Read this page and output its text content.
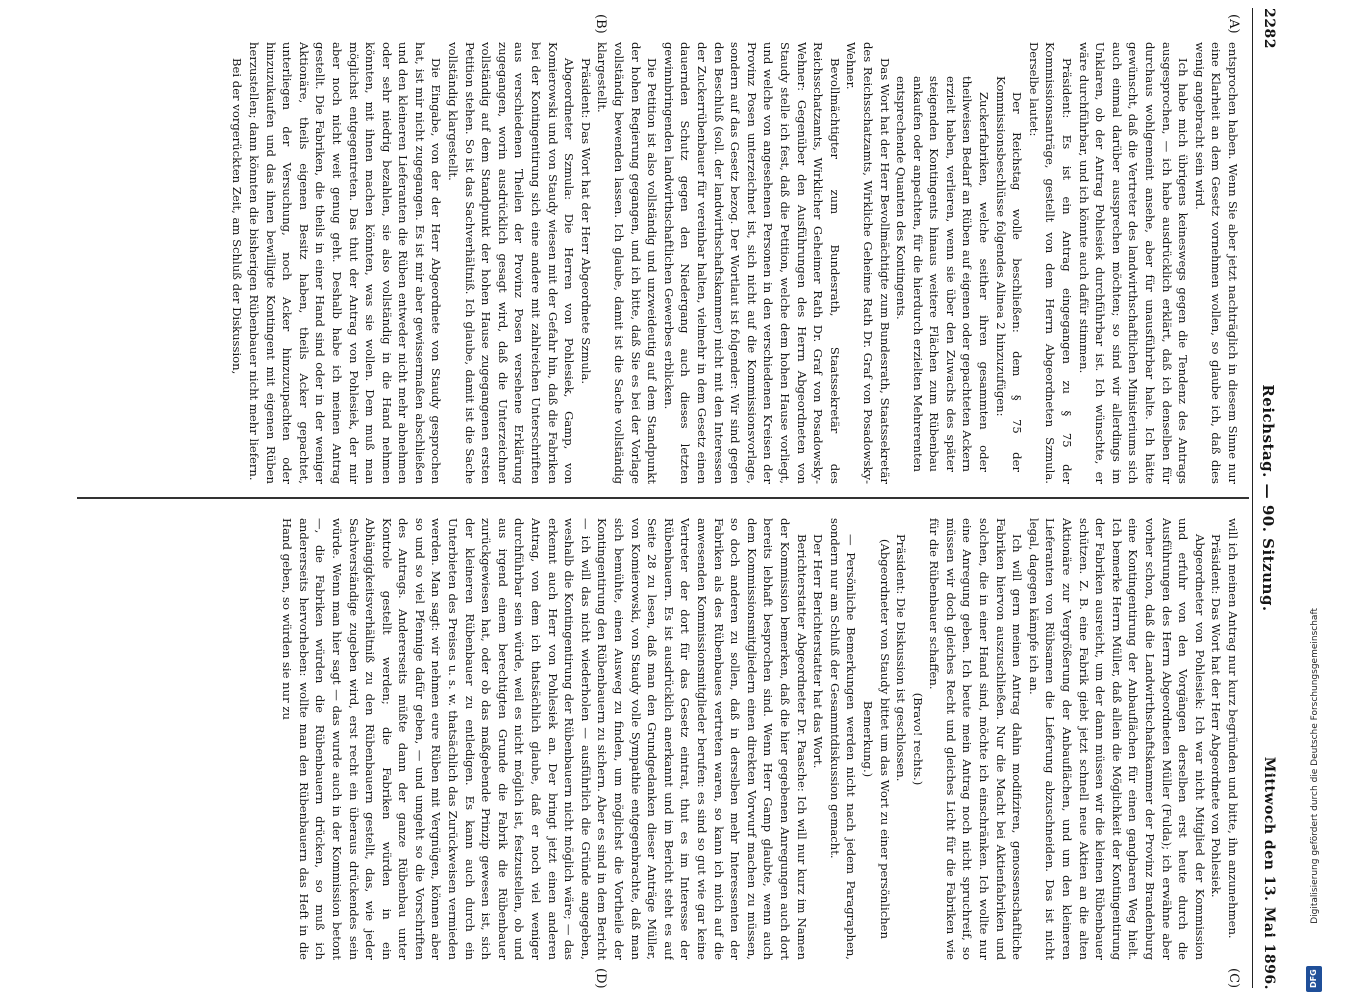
2282
Reichstag. — 90. Sitzung.
Mittwoch den 13. Mai 1896.
(A)
(B)
(C)
(D)

entsprochen haben. Wenn Sie aber jetzt nachträglich in diesem Sinne nur eine Klarheit an dem Gesetz vornehmen wollen, so glaube ich, daß dies wenig angebracht sein wird.

Ich habe mich übrigens keineswegs gegen die Tendenz des Antrags ausgesprochen, — ich habe ausdrücklich erklärt, daß ich denselben für durchaus wohlgemeint ansehe, aber für unausführbar halte. Ich hätte gewünscht, daß die Vertreter des landwirthschaftlichen Ministeriums sich auch einmal darüber aussprechen möchten; so sind wir allerdings im Unklaren, ob der Antrag Pohlesiek durchführbar ist. Ich wünschte, er wäre durchführbar, und ich könnte auch dafür stimmen.

Präsident: Es ist ein Antrag eingegangen zu § 75 der Kommissionsanträge, gestellt von dem Herrn Abgeordneten Szmula. Derselbe lautet:

Der Reichstag wolle beschließen: dem § 75 der Kommissionsbeschlüsse folgendes Alinea 2 hinzuzufügen:

Zuckerfabriken, welche seither ihren gesammten oder theilweisen Bedarf an Rüben auf eigenen oder gepachteten Ackern erzielt haben, verlieren, wenn sie über den Zuwachs des später steigenden Kontingents hinaus weitere Flächen zum Rübenbau ankaufen oder anpachten, für die hierdurch erzielten Mehrerenten entsprechende Quanten des Kontingents.

Das Wort hat der Herr Bevollmächtigte zum Bundesrath, Staatssekretär des Reichsschatzamts, Wirkliche Geheime Rath Dr. Graf von Posadowsky-Wehner.

Bevollmächtigter zum Bundesrath, Staatssekretär des Reichsschatzamts, Wirklicher Geheimer Rath Dr. Graf von Posadowsky-Wehner: Gegenüber den Ausführungen des Herrn Abgeordneten von Staudy stelle ich fest, daß die Petition, welche dem hohen Hause vorliegt, und welche von angesehenen Personen in den verschiedenen Kreisen der Provinz Posen unterzeichnet ist, sich nicht auf die Kommissionsvorlage, sondern auf das Gesetz bezog. Der Wortlaut ist folgender: Wir sind gegen den Beschluß (soll. der landwirthschaftskammer) nicht mit den Interessen der Zuckerrübenbauer für vereinbar halten, vielmehr in dem Gesetz einen dauernden Schutz gegen den Niedergang auch dieses letzten gewinnbringenden landwirthschaftlichen Gewerbes erblicken.

Die Petition ist also vollständig und unzweideutig auf dem Standpunkt der hohen Regierung gegangen, und ich bitte, daß Sie es bei der Vorlage vollständig bewenden lassen. Ich glaube, damit ist die Sache vollständig klargestellt.

Präsident: Das Wort hat der Herr Abgeordnete Szmula.

Abgeordneter Szmula: Die Herren von Pohlesiek, Gamp, von Komierowski und von Staudy wiesen mit der Gefahr hin, daß die Fabriken bei der Kontingentirung sich eine andere mit zahlreichen Unterschriften aus verschiedenen Theilen der Provinz Posen versehene Erklärung zugegangen, worin ausdrücklich gesagt wird, daß die Unterzeichner vollständig auf dem Standpunkt der hohen Hause zugegangenen ersten Petition stehen. So ist das Sachverhältniß. Ich glaube, damit ist die Sache vollständig klargestellt.

Die Eingabe, von der der Herr Abgeordnete von Staudy gesprochen hat, ist mir nicht zugegangen. Es ist mir aber gewissermaßen abschließen und den kleineren Lieferanten die Rüben entweder nicht mehr abnehmen oder sehr niedrig bezahlen, sie also vollständig in die Hand nehmen könnten, mit ihnen machen könnten, was sie wollen. Dem muß man möglichst entgegentreten. Das thut der Antrag von Pohlesiek, der mir aber noch nicht weit genug geht. Deshalb habe ich meinen Antrag gestellt. Die Fabriken, die theils in einer Hand sind oder in der weniger Aktionäre, theils eigenen Besitz haben, theils Acker gepachtet, unterliegen der Versuchung, noch Acker hinzuzupachten oder hinzuzukaufen und das ihnen bewilligte Kontingent mit eigenen Rüben herzustellen; dann könnten die bisherigen Rübenbauer nicht mehr liefern.

Bei der vorgerückten Zeit, am Schluß der Diskussion,

will ich meinen Antrag nur kurz begründen und bitte, ihn anzunehmen.

Präsident: Das Wort hat der Herr Abgeordnete von Pohlesiek.

Abgeordneter von Pohlesiek: Ich war nicht Mitglied der Kommission und erfuhr von den Vorgängen derselben erst heute durch die Ausführungen des Herrn Abgeordneten Müller (Fulda); ich erwähne aber vorher schon, daß die Landwirthschaftskammer der Provinz Brandenburg eine Kontingentirung der Anbauflächen für einen gangbaren Weg hielt. Ich bemerke Herrn Müller, daß allein die Möglichkeit der Kontingentirung der Fabriken ausreicht, um der dann müssen wir die kleinen Rübenbauer schützen. Z. B. eine Fabrik giebt jetzt schnell neue Aktien an die alten Aktionäre zur Vergrößerung der Anbauflächen, und um den kleineren Lieferanten von Rübsamen die Lieferung abzuschneiden. Das ist nicht legal, dagegen kämpfe ich an.

Ich will gern meinen Antrag dahin modifiziren, genossenschaftliche Fabriken hiervon auszuschließen. Nur die Macht bei Aktienfabriken und solchen, die in einer Hand sind, möchte ich einschränken. Ich wollte nur eine Anregung geben. Ich beute mein Antrag noch nicht spruchreif, so müssen wir doch gleiches Recht und gleiches Licht für die Fabriken wie für die Rübenbauer schaffen.

(Bravo! rechts.)

Präsident: Die Diskussion ist geschlossen.

(Abgeordneter von Staudy bittet um das Wort zu einer persönlichen Bemerkung.)

— Persönliche Bemerkungen werden nicht nach jedem Paragraphen, sondern nur am Schluß der Gesammtdiskussion gemacht.

Der Herr Berichterstatter hat das Wort.

Berichterstatter Abgeordneter Dr. Paasche: Ich will nur kurz im Namen der Kommission bemerken, daß die hier gegebenen Anregungen auch dort bereits lebhaft besprochen sind. Wenn Herr Gamp glaubte, wenn auch dem Kommissionsmitgliedern einen direkten Vorwurf machen zu müssen, so doch anderen zu sollen, daß in derselben mehr Interessenten der Fabriken als des Rübenbaues vertreten waren, so kann ich mich auf die anwesenden Kommissionsmitglieder berufen: es sind so gut wie gar keine Vertreter der dort für das Gesetz eintrat, thut es im Interesse der Rübenbauern. Es ist ausdrücklich anerkannt und im Bericht steht es auf Seite 28 zu lesen, daß man den Grundgedanken dieser Anträge Müller, von Komierowski, von Staudy volle Sympathie entgegenbrachte, daß man sich bemühte, einen Ausweg zu finden, um möglichst die Vortheile der Kontingentirung den Rübenbauern zu sichern. Aber es sind in dem Bericht — ich will das nicht wiederholen — ausführlich die Gründe angegeben, weshalb die Kontingentirung der Rübenbauern nicht möglich wäre; — das erkennt auch Herr von Pohlesiek an. Der bringt jetzt einen anderen Antrag, von dem ich thatsächlich glaube, daß er noch viel weniger durchführbar sein würde, weil es nicht möglich ist, festzustellen, ob und aus irgend einem berechtigten Grunde die Fabrik die Rübenbauer zurückgewiesen hat, oder ob das maßgebende Prinzip gewesen ist, sich der kleineren Rübenbauer zu entledigen. Es kann auch durch ein Unterbieten des Preises u. s. w. thatsächlich das Zurückweisen vermieden werden. Man sagt: wir nehmen eure Rüben mit Vergnügen, können aber so und so viel Pfennige dafür geben, — und umgeht so die Vorschriften des Antrags. Andererseits müßte dann der ganze Rübenbau unter Kontrole gestellt werden; die Fabriken würden in ein Abhängigkeitsverhältniß zu den Rübenbauern gestellt, das, wie jeder Sachverständige zugeben wird, erst recht ein überaus drückendes sein würde. Wenn man hier sagt — das wurde auch in der Kommission betont —, die Fabriken würden die Rübenbauern drücken, so muß ich andererseits hervorheben: wollte man den Rübenbauern das Heft in die Hand geben, so würden sie nur zu	Digitalisierung gefördert durch die Deutsche Forschungsgemeinschaft
DFG
